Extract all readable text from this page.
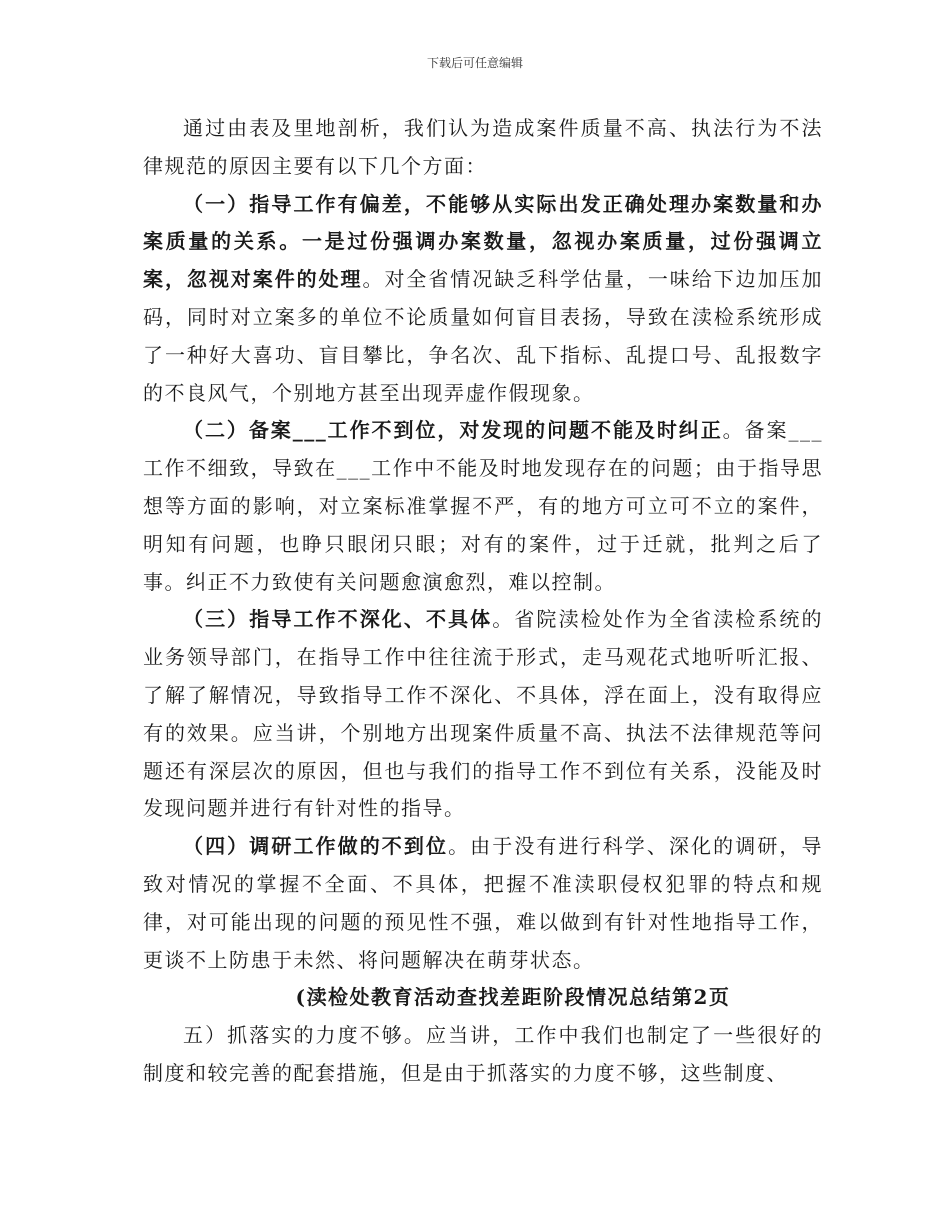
下载后可任意编辑

通过由表及里地剖析，我们认为造成案件质量不高、执法行为不法律规范的原因主要有以下几个方面：

（一）指导工作有偏差，不能够从实际出发正确处理办案数量和办案质量的关系。一是过份强调办案数量，忽视办案质量，过份强调立案，忽视对案件的处理。对全省情况缺乏科学估量，一味给下边加压加码，同时对立案多的单位不论质量如何盲目表扬，导致在渎检系统形成了一种好大喜功、盲目攀比，争名次、乱下指标、乱提口号、乱报数字的不良风气，个别地方甚至出现弄虚作假现象。

（二）备案___工作不到位，对发现的问题不能及时纠正。备案___工作不细致，导致在___工作中不能及时地发现存在的问题；由于指导思想等方面的影响，对立案标准掌握不严，有的地方可立可不立的案件，明知有问题，也睁只眼闭只眼；对有的案件，过于迁就，批判之后了事。纠正不力致使有关问题愈演愈烈，难以控制。

（三）指导工作不深化、不具体。省院渎检处作为全省渎检系统的业务领导部门，在指导工作中往往流于形式，走马观花式地听听汇报、了解了解情况，导致指导工作不深化、不具体，浮在面上，没有取得应有的效果。应当讲，个别地方出现案件质量不高、执法不法律规范等问题还有深层次的原因，但也与我们的指导工作不到位有关系，没能及时发现问题并进行有针对性的指导。

（四）调研工作做的不到位。由于没有进行科学、深化的调研，导致对情况的掌握不全面、不具体，把握不准渎职侵权犯罪的特点和规律，对可能出现的问题的预见性不强，难以做到有针对性地指导工作，更谈不上防患于未然、将问题解决在萌芽状态。

(渎检处教育活动查找差距阶段情况总结第2页

五）抓落实的力度不够。应当讲，工作中我们也制定了一些很好的制度和较完善的配套措施，但是由于抓落实的力度不够，这些制度、
